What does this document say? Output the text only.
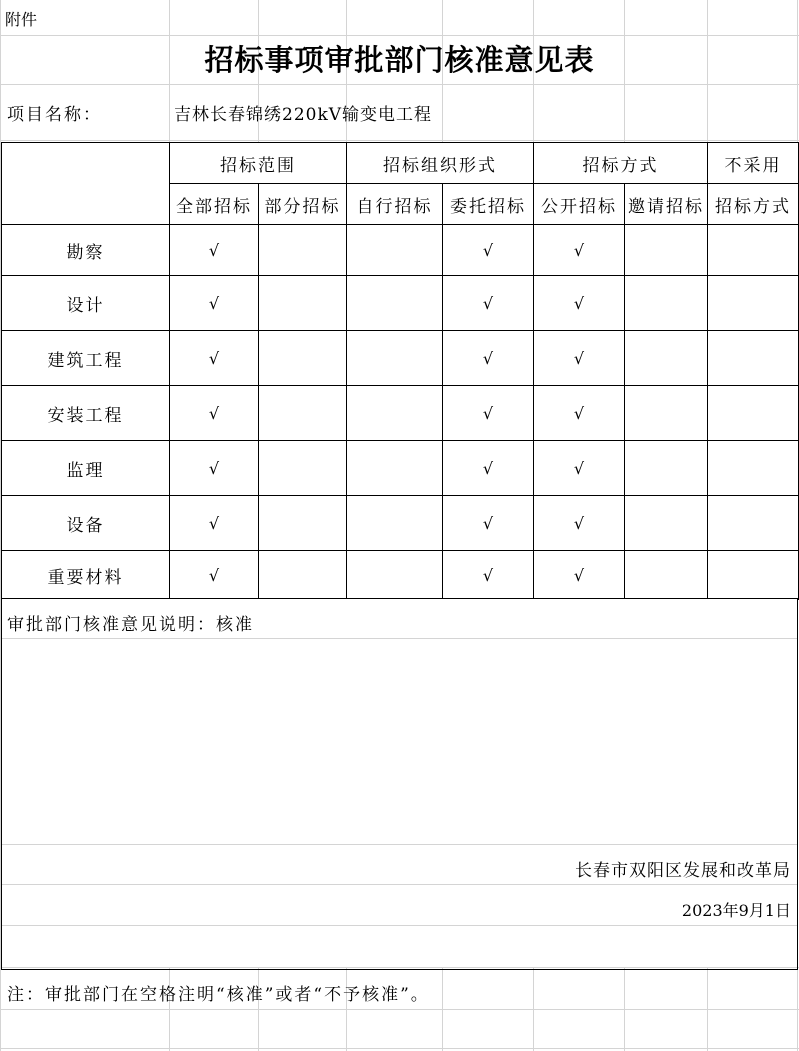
附件
招标事项审批部门核准意见表
项目名称：	吉林长春锦绣220kV输变电工程
	招标范围		招标组织形式		招标方式		不采用
	全部招标	部分招标	自行招标	委托招标	公开招标	邀请招标	招标方式
勘察	√			√	√		
设计	√			√	√		
建筑工程	√			√	√		
安装工程	√			√	√		
监理	√			√	√		
设备	√			√	√		
重要材料	√			√	√		
审批部门核准意见说明：核准
长春市双阳区发展和改革局
2023年9月1日
注：审批部门在空格注明“核准”或者“不予核准”。
